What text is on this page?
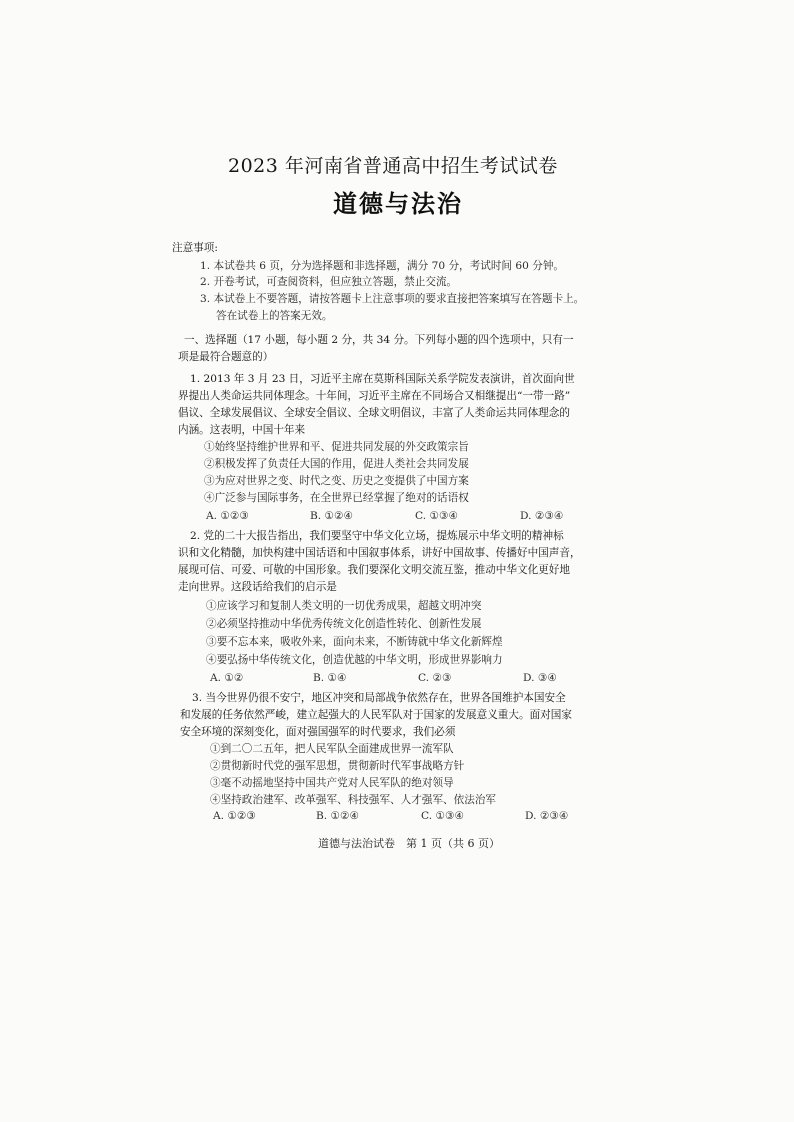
2023 年河南省普通高中招生考试试卷
道德与法治
注意事项:
1. 本试卷共 6 页，分为选择题和非选择题，满分 70 分，考试时间 60 分钟。
2. 开卷考试，可查阅资料，但应独立答题，禁止交流。
3. 本试卷上不要答题，请按答题卡上注意事项的要求直接把答案填写在答题卡上。
答在试卷上的答案无效。
一、选择题（17 小题，每小题 2 分，共 34 分。下列每小题的四个选项中，只有一
项是最符合题意的）
1. 2013 年 3 月 23 日，习近平主席在莫斯科国际关系学院发表演讲，首次面向世
界提出人类命运共同体理念。十年间，习近平主席在不同场合又相继提出“一带一路”
倡议、全球发展倡议、全球安全倡议、全球文明倡议，丰富了人类命运共同体理念的
内涵。这表明，中国十年来
①始终坚持维护世界和平、促进共同发展的外交政策宗旨
②积极发挥了负责任大国的作用，促进人类社会共同发展
③为应对世界之变、时代之变、历史之变提供了中国方案
④广泛参与国际事务，在全世界已经掌握了绝对的话语权
A. ①②③	B. ①②④	C. ①③④	D. ②③④
2. 党的二十大报告指出，我们要坚守中华文化立场，提炼展示中华文明的精神标
识和文化精髓，加快构建中国话语和中国叙事体系，讲好中国故事、传播好中国声音，
展现可信、可爱、可敬的中国形象。我们要深化文明交流互鉴，推动中华文化更好地
走向世界。这段话给我们的启示是
①应该学习和复制人类文明的一切优秀成果，超越文明冲突
②必须坚持推动中华优秀传统文化创造性转化、创新性发展
③要不忘本来，吸收外来，面向未来，不断铸就中华文化新辉煌
④要弘扬中华传统文化，创造优越的中华文明，形成世界影响力
A. ①②	B. ①④	C. ②③	D. ③④
3. 当今世界仍很不安宁，地区冲突和局部战争依然存在，世界各国维护本国安全
和发展的任务依然严峻，建立起强大的人民军队对于国家的发展意义重大。面对国家
安全环境的深刻变化，面对强国强军的时代要求，我们必须
①到二〇二五年，把人民军队全面建成世界一流军队
②贯彻新时代党的强军思想，贯彻新时代军事战略方针
③毫不动摇地坚持中国共产党对人民军队的绝对领导
④坚持政治建军、改革强军、科技强军、人才强军、依法治军
A. ①②③	B. ①②④	C. ①③④	D. ②③④
道德与法治试卷　第 1 页（共 6 页）
